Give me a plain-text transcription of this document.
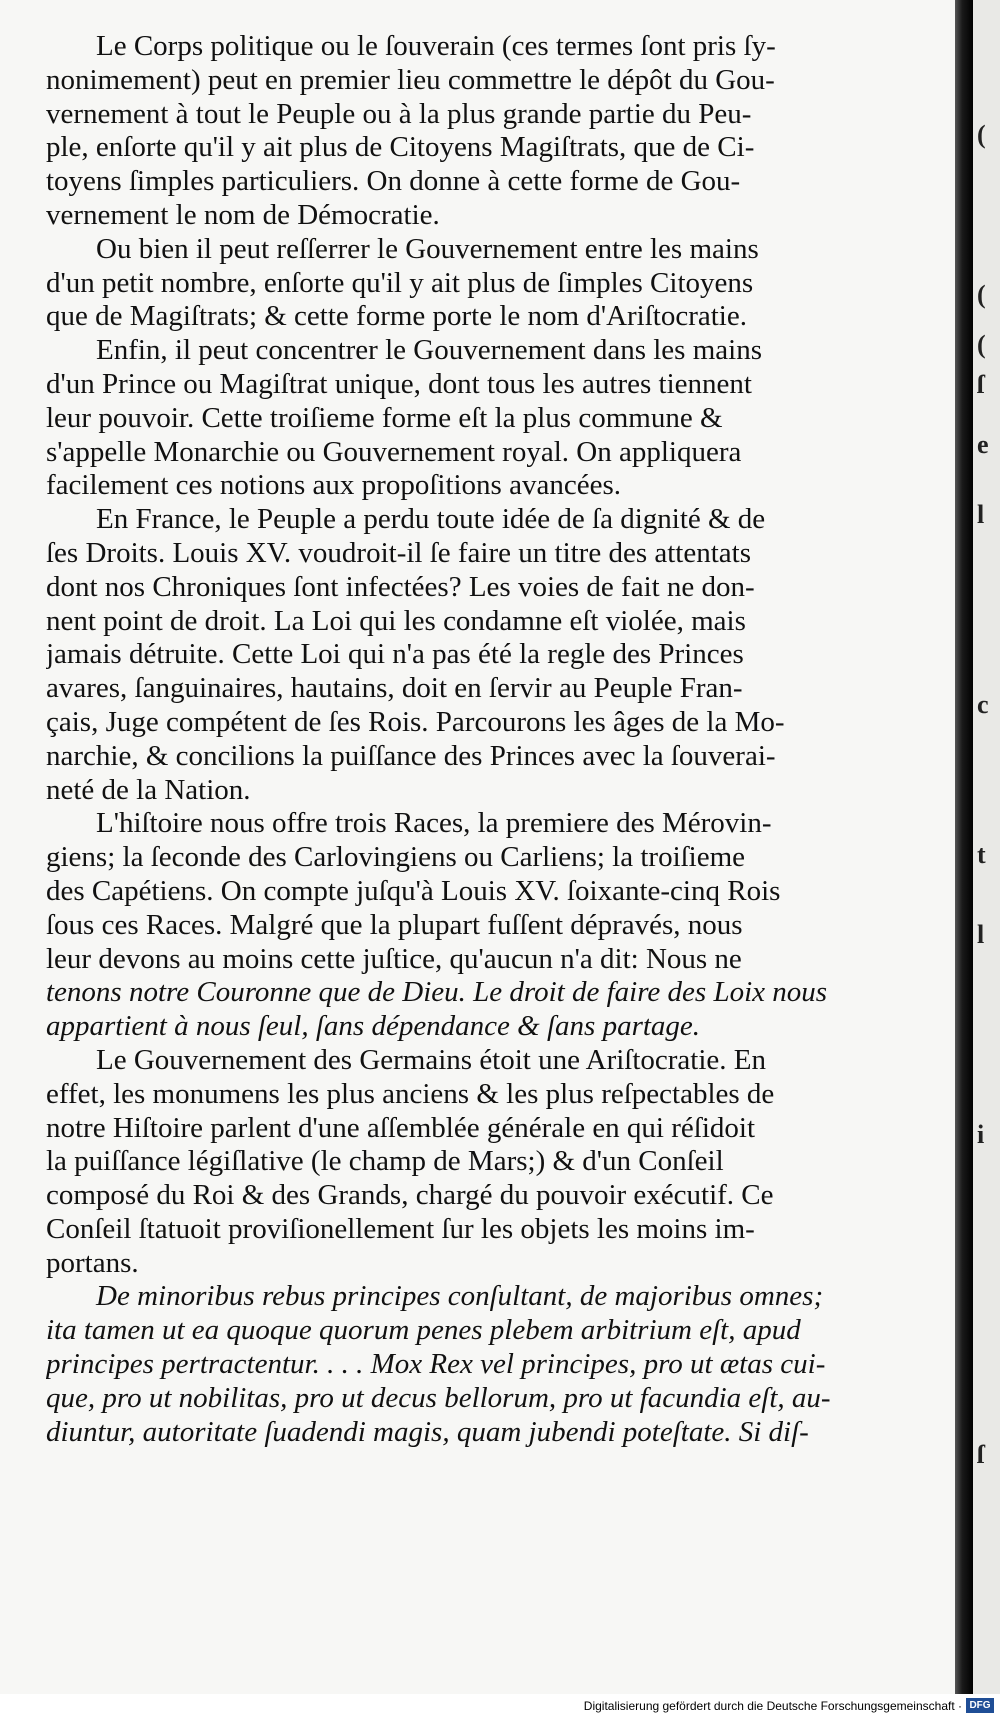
Le Corps politique ou le ſouverain (ces termes ſont pris ſy-
nonimement) peut en premier lieu commettre le dépôt du Gou-
vernement à tout le Peuple ou à la plus grande partie du Peu-
ple, enſorte qu'il y ait plus de Citoyens Magiſtrats, que de Ci-
toyens ſimples particuliers. On donne à cette forme de Gou-
vernement le nom de Démocratie.
Ou bien il peut reſſerrer le Gouvernement entre les mains
d'un petit nombre, enſorte qu'il y ait plus de ſimples Citoyens
que de Magiſtrats; & cette forme porte le nom d'Ariſtocratie.
Enfin, il peut concentrer le Gouvernement dans les mains
d'un Prince ou Magiſtrat unique, dont tous les autres tiennent
leur pouvoir. Cette troiſieme forme eſt la plus commune &
s'appelle Monarchie ou Gouvernement royal. On appliquera
facilement ces notions aux propoſitions avancées.
En France, le Peuple a perdu toute idée de ſa dignité & de
ſes Droits. Louis XV. voudroit-il ſe faire un titre des attentats
dont nos Chroniques ſont infectées? Les voies de fait ne don-
nent point de droit. La Loi qui les condamne eſt violée, mais
jamais détruite. Cette Loi qui n'a pas été la regle des Princes
avares, ſanguinaires, hautains, doit en ſervir au Peuple Fran-
çais, Juge compétent de ſes Rois. Parcourons les âges de la Mo-
narchie, & concilions la puiſſance des Princes avec la ſouverai-
neté de la Nation.
L'hiſtoire nous offre trois Races, la premiere des Mérovin-
giens; la ſeconde des Carlovingiens ou Carliens; la troiſieme
des Capétiens. On compte juſqu'à Louis XV. ſoixante-cinq Rois
ſous ces Races. Malgré que la plupart fuſſent dépravés, nous
leur devons au moins cette juſtice, qu'aucun n'a dit: Nous ne
tenons notre Couronne que de Dieu. Le droit de faire des Loix nous
appartient à nous ſeul, ſans dépendance & ſans partage.
Le Gouvernement des Germains étoit une Ariſtocratie. En
effet, les monumens les plus anciens & les plus reſpectables de
notre Hiſtoire parlent d'une aſſemblée générale en qui réſidoit
la puiſſance légiſlative (le champ de Mars;) & d'un Conſeil
composé du Roi & des Grands, chargé du pouvoir exécutif. Ce
Conſeil ſtatuoit proviſionellement ſur les objets les moins im-
portans.
De minoribus rebus principes conſultant, de majoribus omnes;
ita tamen ut ea quoque quorum penes plebem arbitrium eſt, apud
principes pertractentur. . . . Mox Rex vel principes, pro ut ætas cui-
que, pro ut nobilitas, pro ut decus bellorum, pro ut facundia eſt, au-
diuntur, autoritate ſuadendi magis, quam jubendi poteſtate. Si diſ-
(
(
(
ſ
e
l
c
t
l
i
ſ
Digitalisierung gefördert durch die Deutsche Forschungsgemeinschaft · DFG
